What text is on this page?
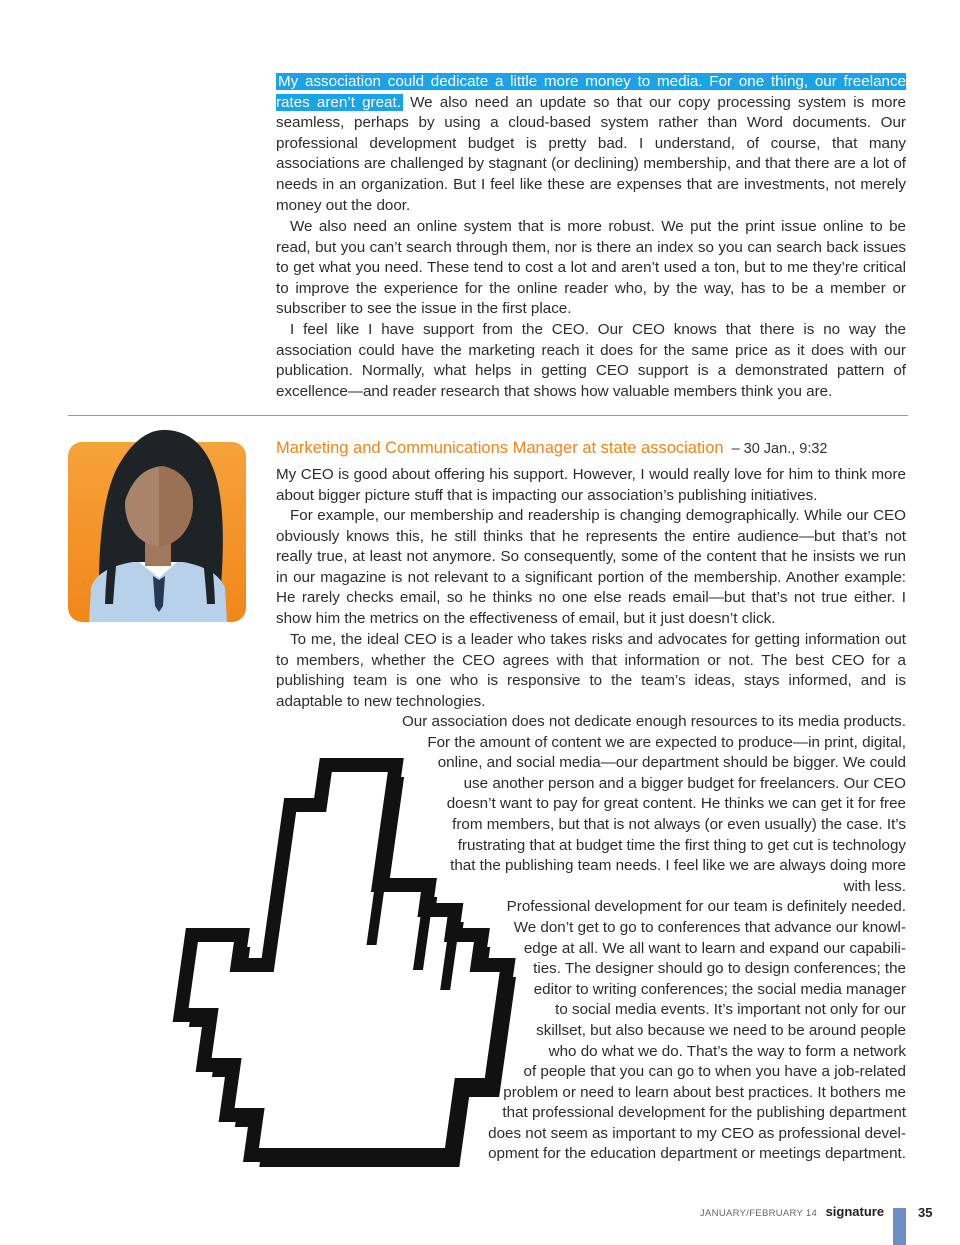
My association could dedicate a little more money to media. For one thing, our freelance rates aren’t great. We also need an update so that our copy processing system is more seamless, perhaps by using a cloud-based system rather than Word documents. Our professional development budget is pretty bad. I understand, of course, that many associations are challenged by stagnant (or declining) membership, and that there are a lot of needs in an organization. But I feel like these are expenses that are investments, not merely money out the door.

We also need an online system that is more robust. We put the print issue online to be read, but you can’t search through them, nor is there an index so you can search back issues to get what you need. These tend to cost a lot and aren’t used a ton, but to me they’re critical to improve the experience for the online reader who, by the way, has to be a member or subscriber to see the issue in the first place.

I feel like I have support from the CEO. Our CEO knows that there is no way the association could have the marketing reach it does for the same price as it does with our publication. Normally, what helps in getting CEO support is a demonstrated pattern of excellence—and reader research that shows how valuable members think you are.

Marketing and Communications Manager at state association – 30 Jan., 9:32

My CEO is good about offering his support. However, I would really love for him to think more about bigger picture stuff that is impacting our association’s publishing initiatives.

For example, our membership and readership is changing demographically. While our CEO obviously knows this, he still thinks that he represents the entire audience—but that’s not really true, at least not anymore. So consequently, some of the content that he insists we run in our magazine is not relevant to a significant portion of the membership. Another example: He rarely checks email, so he thinks no one else reads email—but that’s not true either. I show him the metrics on the effectiveness of email, but it just doesn’t click.

To me, the ideal CEO is a leader who takes risks and advocates for getting information out to members, whether the CEO agrees with that information or not. The best CEO for a publishing team is one who is responsive to the team’s ideas, stays informed, and is adaptable to new technologies.

Our association does not dedicate enough resources to its media products.
For the amount of content we are expected to produce—in print, digital,
online, and social media—our department should be bigger. We could
use another person and a bigger budget for freelancers. Our CEO
doesn’t want to pay for great content. He thinks we can get it for free
from members, but that is not always (or even usually) the case. It’s
frustrating that at budget time the first thing to get cut is technology
that the publishing team needs. I feel like we are always doing more
with less.
Professional development for our team is definitely needed.
We don’t get to go to conferences that advance our knowl-
edge at all. We all want to learn and expand our capabili-
ties. The designer should go to design conferences; the
editor to writing conferences; the social media manager
to social media events. It’s important not only for our
skillset, but also because we need to be around people
who do what we do. That’s the way to form a network
of people that you can go to when you have a job-related
problem or need to learn about best practices. It bothers me
that professional development for the publishing department
does not seem as important to my CEO as professional devel-
opment for the education department or meetings department.
JANUARY/FEBRUARY 14 signature	35
